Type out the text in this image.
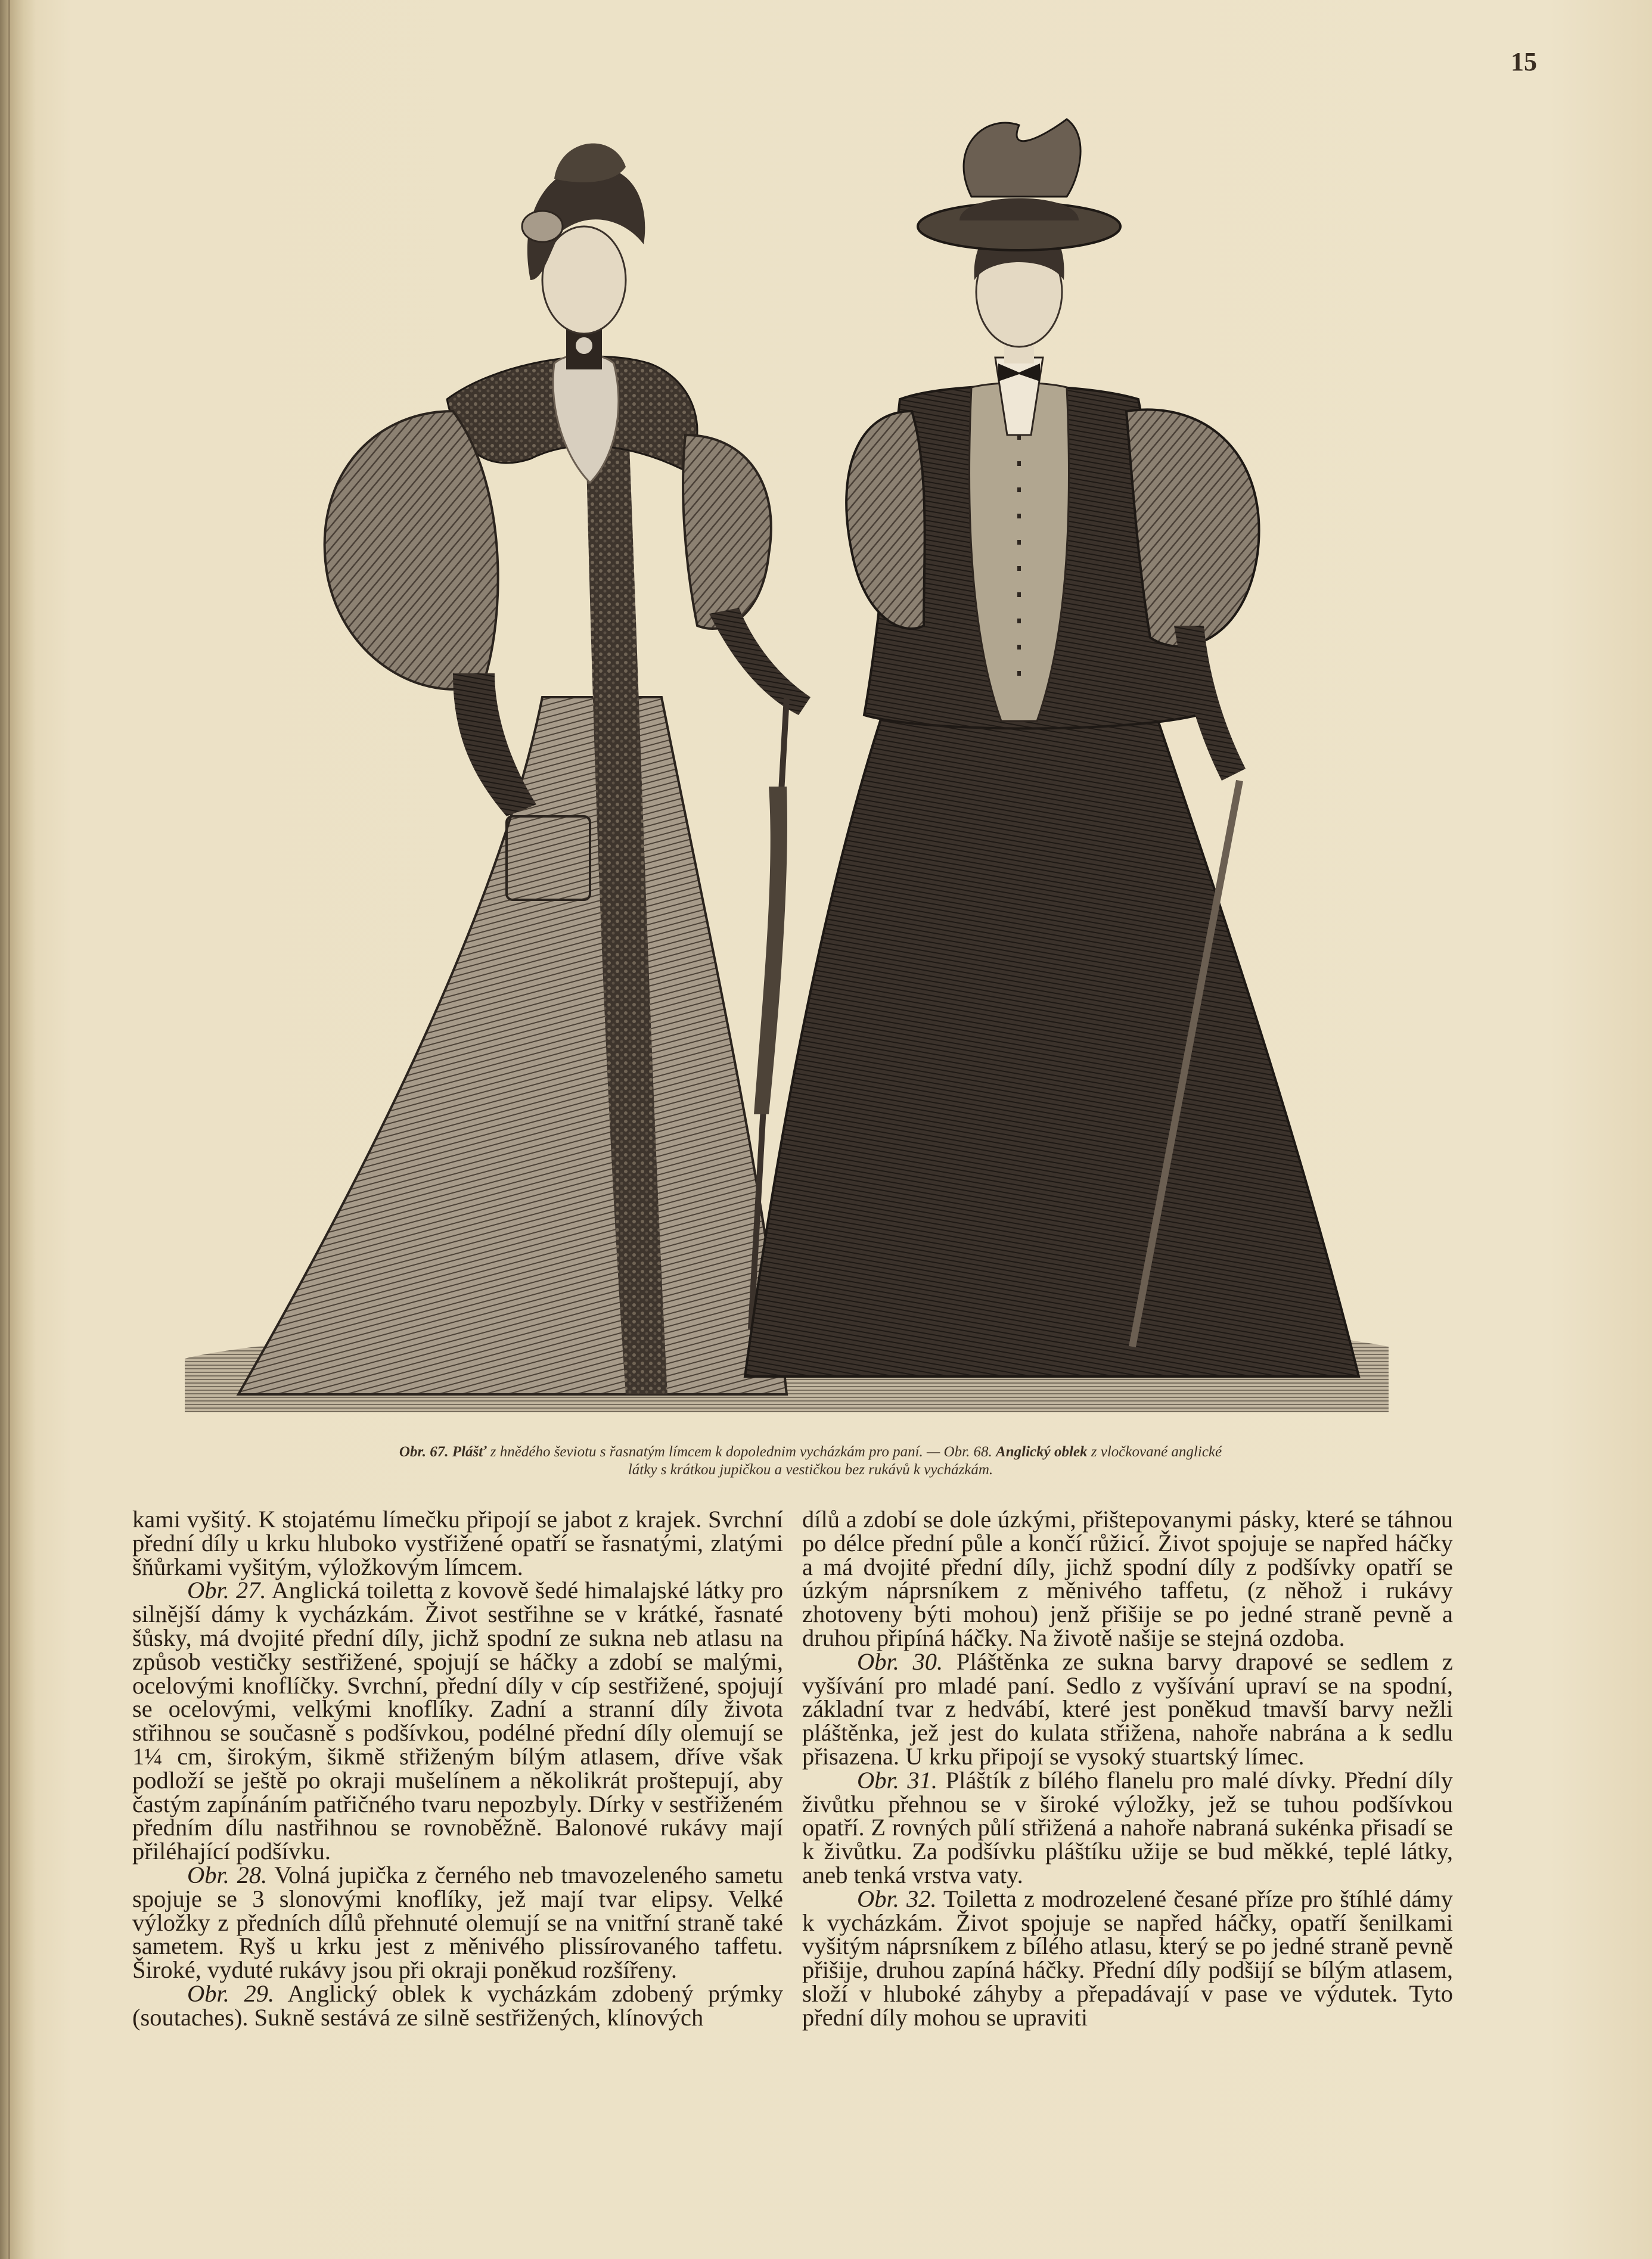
15
Obr. 67. Plášť z hnědého ševiotu s řasnatým límcem k dopolednim vycházkám pro paní. — Obr. 68. Anglický oblek z vločkované anglické
látky s krátkou jupičkou a vestičkou bez rukávů k vycházkám.

kami vyšitý. K stojatému límečku připojí se jabot z krajek. Svrchní přední díly u krku hluboko vystřižené opatří se řasnatými, zlatými šňůrkami vyšitým, výložkovým límcem.

Obr. 27. Anglická toiletta z kovově šedé himalajské látky pro silnější dámy k vycházkám. Život sestřihne se v krátké, řasnaté šůsky, má dvojité přední díly, jichž spodní ze sukna neb atlasu na způsob vestičky sestřižené, spojují se háčky a zdobí se malými, ocelovými knoflíčky. Svrchní, přední díly v cíp sestřižené, spojují se ocelovými, velkými knoflíky. Zadní a stranní díly života střihnou se současně s podšívkou, podélné přední díly olemují se 1¼ cm, širokým, šikmě střiženým bílým atlasem, dříve však podloží se ještě po okraji mušelínem a několikrát proštepují, aby častým zapínáním patřičného tvaru nepozbyly. Dírky v sestřiženém předním dílu nastřihnou se rovnoběžně. Balonové rukávy mají přiléhající podšívku.

Obr. 28. Volná jupička z černého neb tmavozeleného sametu spojuje se 3 slonovými knoflíky, jež mají tvar elipsy. Velké výložky z předních dílů přehnuté olemují se na vnitřní straně také sametem. Ryš u krku jest z měnivého plissírovaného taffetu. Široké, vyduté rukávy jsou při okraji poněkud rozšířeny.

Obr. 29. Anglický oblek k vycházkám zdobený prýmky (soutaches). Sukně sestává ze silně sestřižených, klínových

dílů a zdobí se dole úzkými, přištepovanymi pásky, které se táhnou po délce přední půle a končí růžicí. Život spojuje se napřed háčky a má dvojité přední díly, jichž spodní díly z podšívky opatří se úzkým náprsníkem z měnivého taffetu, (z něhož i rukávy zhotoveny býti mohou) jenž přišije se po jedné straně pevně a druhou připíná háčky. Na životě našije se stejná ozdoba.

Obr. 30. Pláštěnka ze sukna barvy drapové se sedlem z vyšívání pro mladé paní. Sedlo z vyšívání upraví se na spodní, základní tvar z hedvábí, které jest poněkud tmavší barvy nežli pláštěnka, jež jest do kulata střižena, nahoře nabrána a k sedlu přisazena. U krku připojí se vysoký stuartský límec.

Obr. 31. Pláštík z bílého flanelu pro malé dívky. Přední díly živůtku přehnou se v široké výložky, jež se tuhou podšívkou opatří. Z rovných půlí střižená a nahoře nabraná sukénka přisadí se k živůtku. Za podšívku pláštíku užije se bud měkké, teplé látky, aneb tenká vrstva vaty.

Obr. 32. Toiletta z modrozelené česané příze pro štíhlé dámy k vycházkám. Život spojuje se napřed háčky, opatří šenilkami vyšitým náprsníkem z bílého atlasu, který se po jedné straně pevně přišije, druhou zapíná háčky. Přední díly podšijí se bílým atlasem, složí v hluboké záhyby a přepadávají v pase ve výdutek. Tyto přední díly mohou se upraviti
